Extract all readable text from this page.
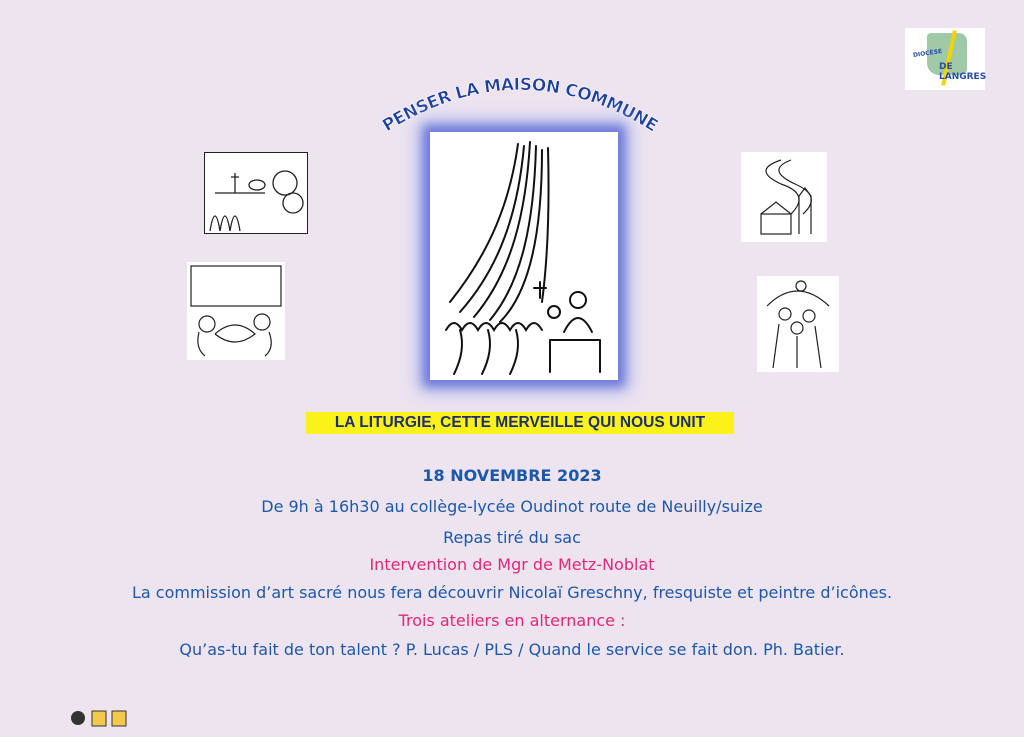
PENSER LA MAISON COMMUNE
DIOCÈSE
DE LANGRES
LA LITURGIE, CETTE MERVEILLE QUI NOUS UNIT
18 NOVEMBRE 2023
De 9h à 16h30 au collège-lycée Oudinot route de Neuilly/suize
Repas tiré du sac
Intervention de Mgr de Metz-Noblat
La commission d’art sacré nous fera découvrir Nicolaï Greschny, fresquiste et peintre d’icônes.
Trois ateliers en alternance :
Qu’as-tu fait de ton talent ? P. Lucas / PLS / Quand le service se fait don. Ph. Batier.
